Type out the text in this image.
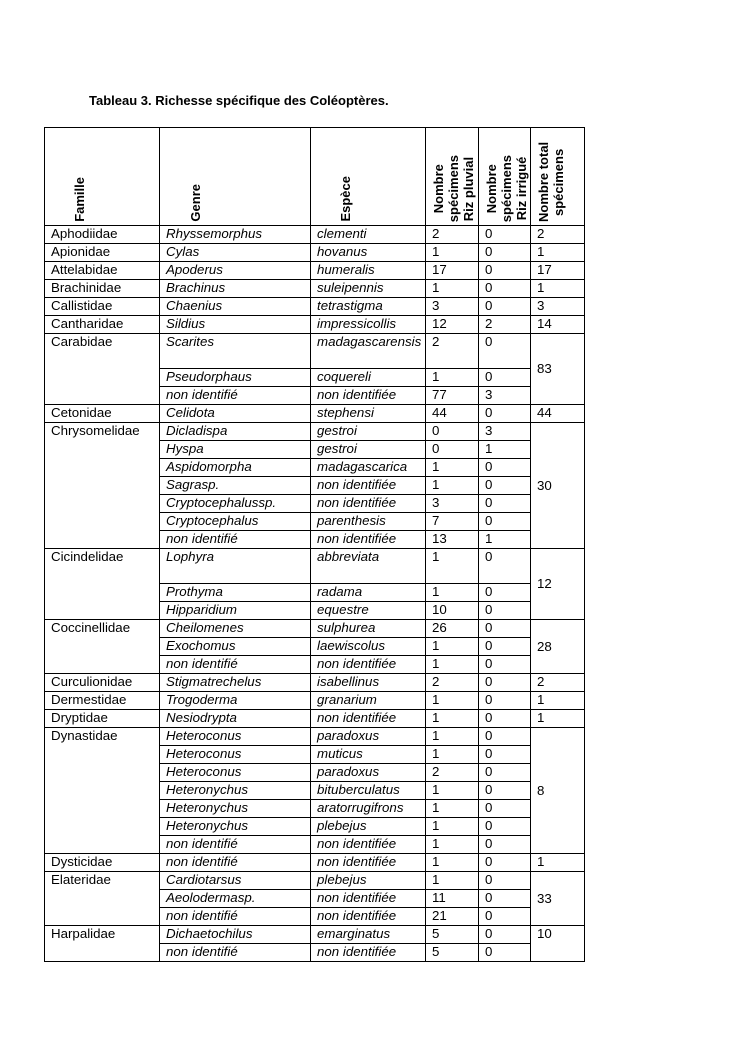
Tableau 3. Richesse spécifique des Coléoptères.
Famille	Genre	Espèce	Nombre
spécimens
Riz pluvial	Nombre
spécimens
Riz irrigué	Nombre total
spécimens

Aphodiidae	Rhyssemorphus	clementi	2	0	2
Apionidae	Cylas	hovanus	1	0	1
Attelabidae	Apoderus	humeralis	17	0	17
Brachinidae	Brachinus	suleipennis	1	0	1
Callistidae	Chaenius	tetrastigma	3	0	3
Cantharidae	Sildius	impressicollis	12	2	14
Carabidae	Scarites	madagascarensis	2	0	83
	Pseudorphaus	coquereli	1	0	
	non identifié	non identifiée	77	3	
Cetonidae	Celidota	stephensi	44	0	44
Chrysomelidae	Dicladispa	gestroi	0	3	30
	Hyspa	gestroi	0	1	
	Aspidomorpha	madagascarica	1	0	
	Sagrasp.	non identifiée	1	0	
	Cryptocephalussp.	non identifiée	3	0	
	Cryptocephalus	parenthesis	7	0	
	non identifié	non identifiée	13	1	
Cicindelidae	Lophyra	abbreviata	1	0	12
	Prothyma	radama	1	0	
	Hipparidium	equestre	10	0	
Coccinellidae	Cheilomenes	sulphurea	26	0	28
	Exochomus	laewiscolus	1	0	
	non identifié	non identifiée	1	0	
Curculionidae	Stigmatrechelus	isabellinus	2	0	2
Dermestidae	Trogoderma	granarium	1	0	1
Dryptidae	Nesiodrypta	non identifiée	1	0	1
Dynastidae	Heteroconus	paradoxus	1	0	8
	Heteroconus	muticus	1	0	
	Heteroconus	paradoxus	2	0	
	Heteronychus	bituberculatus	1	0	
	Heteronychus	aratorrugifrons	1	0	
	Heteronychus	plebejus	1	0	
	non identifié	non identifiée	1	0	
Dysticidae	non identifié	non identifiée	1	0	1
Elateridae	Cardiotarsus	plebejus	1	0	33
	Aeolodermasp.	non identifiée	11	0	
	non identifié	non identifiée	21	0	
Harpalidae	Dichaetochilus	emarginatus	5	0	10
	non identifié	non identifiée	5	0	
